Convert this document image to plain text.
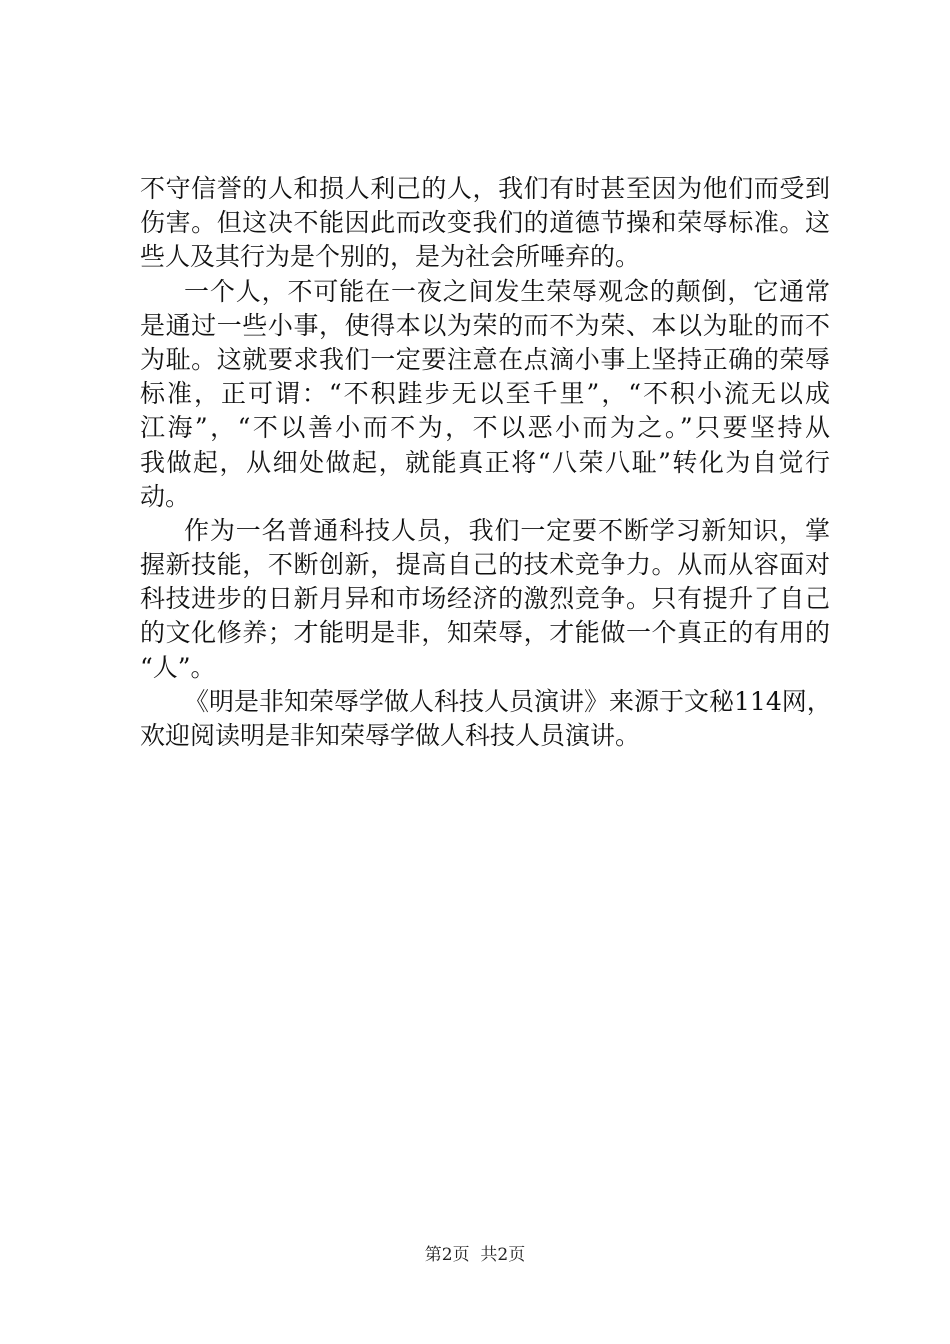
不守信誉的人和损人利己的人，我们有时甚至因为他们而受到
伤害。但这决不能因此而改变我们的道德节操和荣辱标准。这
些人及其行为是个别的，是为社会所唾弃的。
一个人，不可能在一夜之间发生荣辱观念的颠倒，它通常
是通过一些小事，使得本以为荣的而不为荣、本以为耻的而不
为耻。这就要求我们一定要注意在点滴小事上坚持正确的荣辱
标准，正可谓：“不积跬步无以至千里”，“不积小流无以成
江海”，“不以善小而不为，不以恶小而为之。”只要坚持从
我做起，从细处做起，就能真正将“八荣八耻”转化为自觉行
动。
作为一名普通科技人员，我们一定要不断学习新知识，掌
握新技能，不断创新，提高自己的技术竞争力。从而从容面对
科技进步的日新月异和市场经济的激烈竞争。只有提升了自己
的文化修养；才能明是非，知荣辱，才能做一个真正的有用的
“人”。
《明是非知荣辱学做人科技人员演讲》来源于文秘114网，
欢迎阅读明是非知荣辱学做人科技人员演讲。
第2页  共2页
